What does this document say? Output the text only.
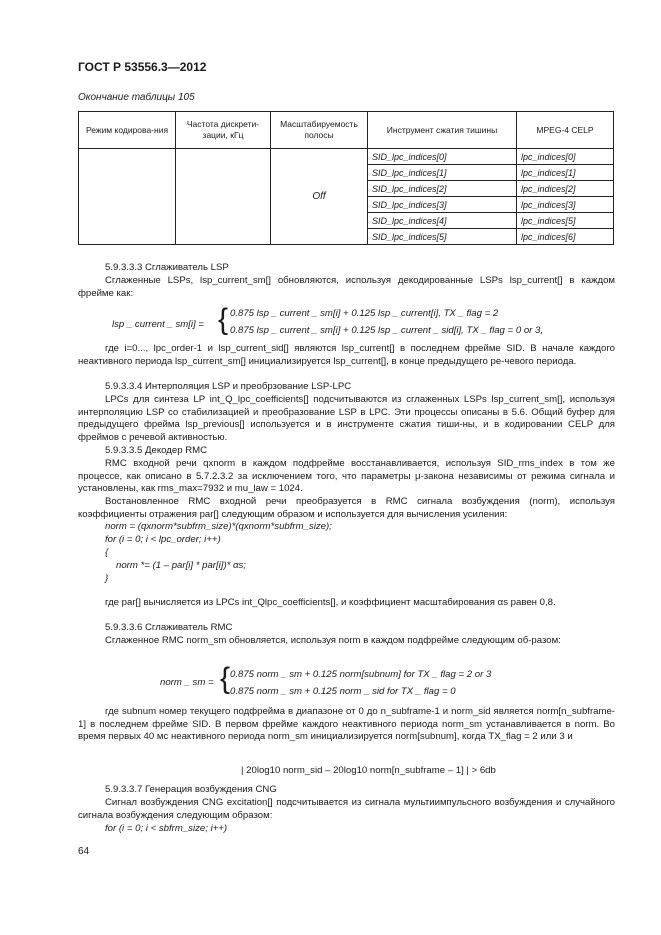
ГОСТ Р 53556.3—2012
Окончание таблицы 105
Режим кодирова-ния	Частота дискрети-зации, кГц	Масштабируемость полосы	Инструмент сжатия тишины	MPEG-4 CELP
		Off	SID_lpc_indices[0]	lpc_indices[0]
			SID_lpc_indices[1]	lpc_indices[1]
			SID_lpc_indices[2]	lpc_indices[2]
			SID_lpc_indices[3]	lpc_indices[3]
			SID_lpc_indices[4]	lpc_indices[5]
			SID_lpc_indices[5]	lpc_indices[6]
5.9.3.3.3 Сглаживатель LSP
Сглаженные LSPs, lsp_current_sm[] обновляются, используя декодированные LSPs lsp_current[] в каждом фрейме как:
lsp _ current _ sm[i] = { 0.875 lsp _ current _ sm[i] + 0.125 lsp _ current[i], TX _ flag = 2
0.875 lsp _ current _ sm[i] + 0.125 lsp _ current _ sid[i], TX _ flag = 0 or 3,
где i=0..., lpc_order-1 и lsp_current_sid[] являются lsp_current[] в последнем фрейме SID. В начале каждого неактивного периода lsp_current_sm[] инициализируется lsp_current[], в конце предыдущего ре-чевого периода.
5.9.3.3.4 Интерполяция LSP и преобрзование LSP-LPC
LPCs для синтеза LP int_Q_lpc_coefficients[] подсчитываются из сглаженных LSPs lsp_current_sm[], используя интерполяцию LSP со стабилизацией и преобразование LSP в LPC. Эти процессы описаны в 5.6. Общий буфер для предыдущего фрейма lsp_previous[] используется и в инструменте сжатия тиши-ны, и в кодировании CELP для фреймов с речевой активностью.
5.9.3.3.5 Декодер RMC
RMC входной речи qxnorm в каждом подфрейме восстанавливается, используя SID_rms_index в том же процессе, как описано в 5.7.2.3.2 за исключением того, что параметры μ-закона независимы от режима сигнала и установлены, как rms_max=7932 и mu_law = 1024.
Востановленное RMC входной речи преобразуется в RMC сигнала возбуждения (norm), используя коэффициенты отражения par[] следующим образом и используется для вычисления усиления:
norm = (qxnorm*subfrm_size)*(qxnorm*subfrm_size);
for (i = 0; i < lpc_order; i++)
{
norm *= (1 – par[i] * par[i])* αs;
}
где par[] вычисляется из LPCs int_Qlpc_coefficients[], и коэффициент масштабирования αs равен 0,8.
5.9.3.3.6 Сглаживатель RMC
Сглаженное RMC norm_sm обновляется, используя norm в каждом подфрейме следующим об-разом:
norm _ sm = { 0.875 norm _ sm + 0.125 norm[subnum] for TX _ flag = 2 or 3
0.875 norm _ sm + 0.125 norm _ sid for TX _ flag = 0
где subnum номер текущего подфрейма в диапазоне от 0 до n_subframe-1 и norm_sid является norm[n_subframe-1] в последнем фрейме SID. В первом фрейме каждого неактивного периода norm_sm устанавливается в norm. Во время первых 40 мс неактивного периода norm_sm инициализируется norm[subnum], когда TX_flag = 2 или 3 и
| 20log10 norm_sid – 20log10 norm[n_subframe – 1] | > 6db
5.9.3.3.7 Генерация возбуждения CNG
Сигнал возбуждения CNG excitation[] подсчитывается из сигнала мультиимпульсного возбуждения и случайного сигнала возбуждения следующим образом:
for (i = 0; i < sbfrm_size; i++)
64
